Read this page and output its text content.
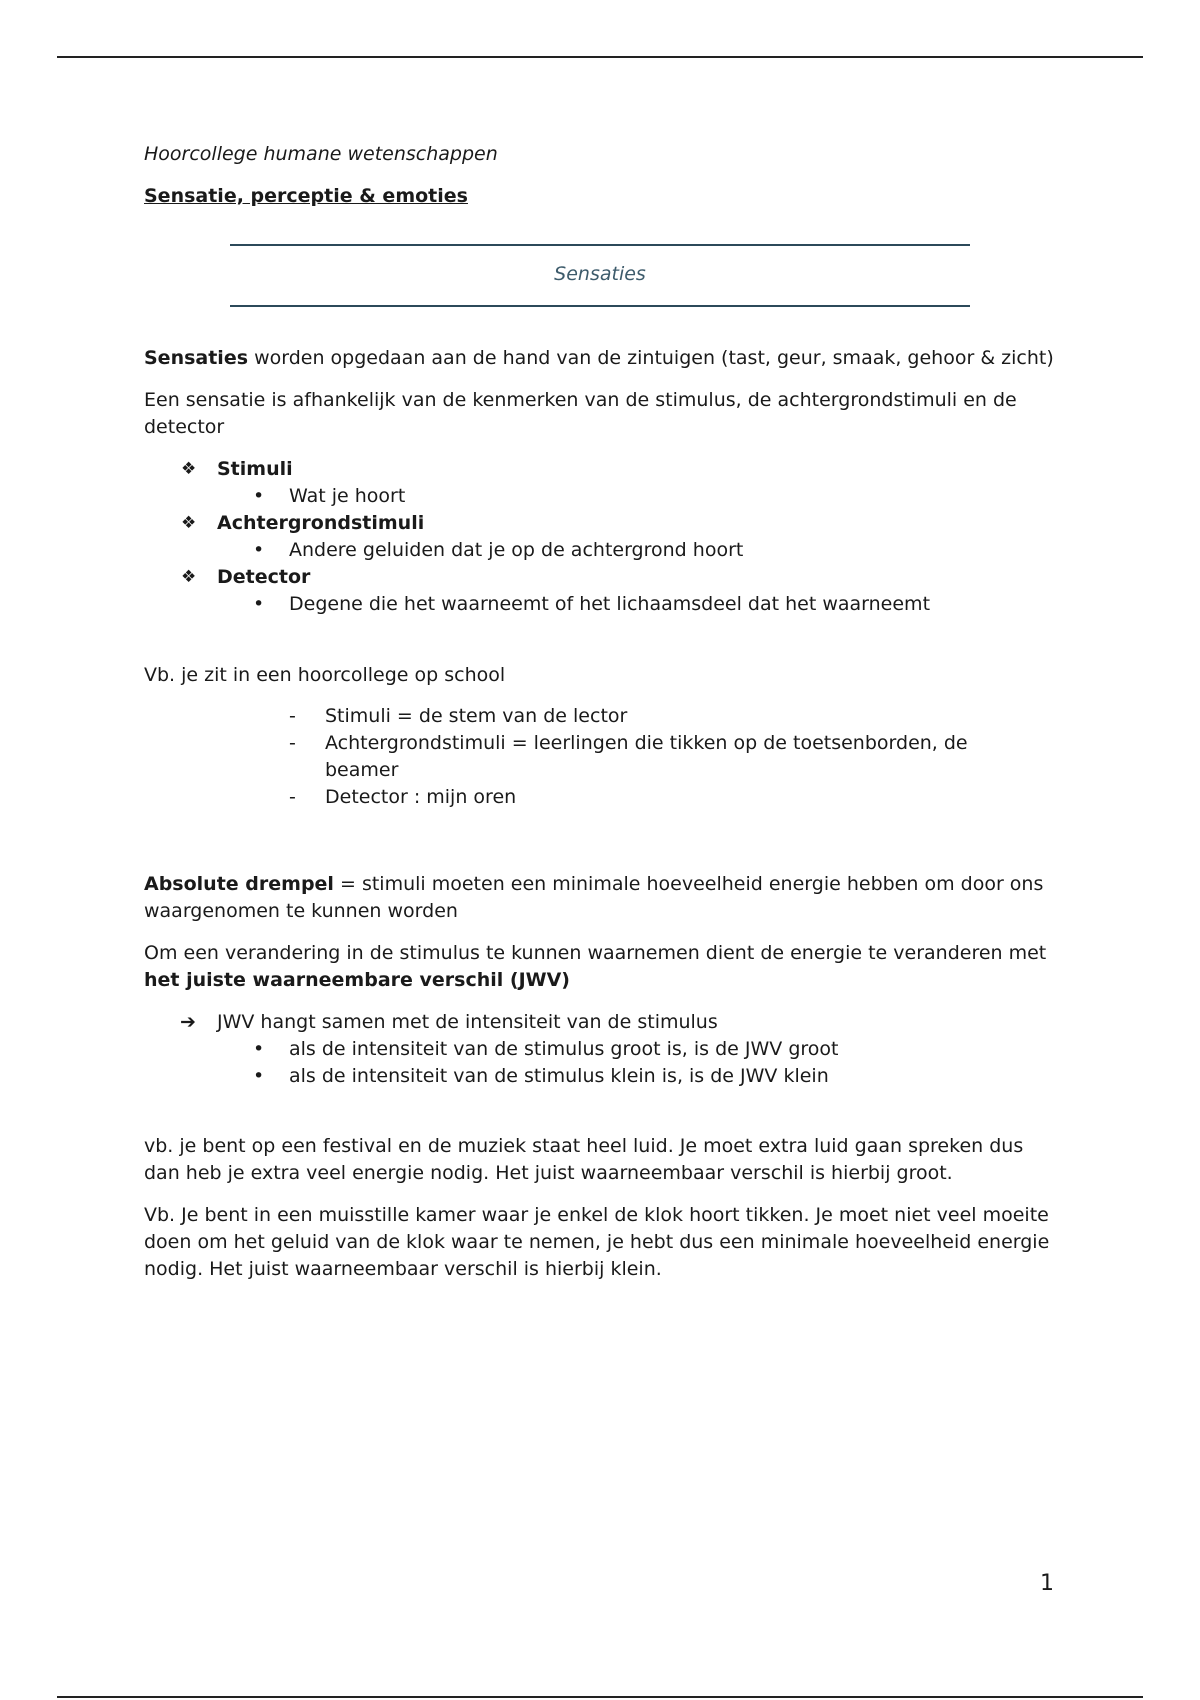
Hoorcollege humane wetenschappen

Sensatie, perceptie & emoties

Sensaties

Sensaties worden opgedaan aan de hand van de zintuigen (tast, geur, smaak, gehoor & zicht)

Een sensatie is afhankelijk van de kenmerken van de stimulus, de achtergrondstimuli en de detector

❖ Stimuli
• Wat je hoort
❖ Achtergrondstimuli
• Andere geluiden dat je op de achtergrond hoort
❖ Detector
• Degene die het waarneemt of het lichaamsdeel dat het waarneemt

Vb. je zit in een hoorcollege op school

- Stimuli = de stem van de lector
- Achtergrondstimuli = leerlingen die tikken op de toetsenborden, de beamer
- Detector : mijn oren

Absolute drempel = stimuli moeten een minimale hoeveelheid energie hebben om door ons waargenomen te kunnen worden

Om een verandering in de stimulus te kunnen waarnemen dient de energie te veranderen met het juiste waarneembare verschil (JWV)

➔ JWV hangt samen met de intensiteit van de stimulus
• als de intensiteit van de stimulus groot is, is de JWV groot
• als de intensiteit van de stimulus klein is, is de JWV klein

vb. je bent op een festival en de muziek staat heel luid. Je moet extra luid gaan spreken dus dan heb je extra veel energie nodig. Het juist waarneembaar verschil is hierbij groot.

Vb. Je bent in een muisstille kamer waar je enkel de klok hoort tikken. Je moet niet veel moeite doen om het geluid van de klok waar te nemen, je hebt dus een minimale hoeveelheid energie nodig. Het juist waarneembaar verschil is hierbij klein.

1
